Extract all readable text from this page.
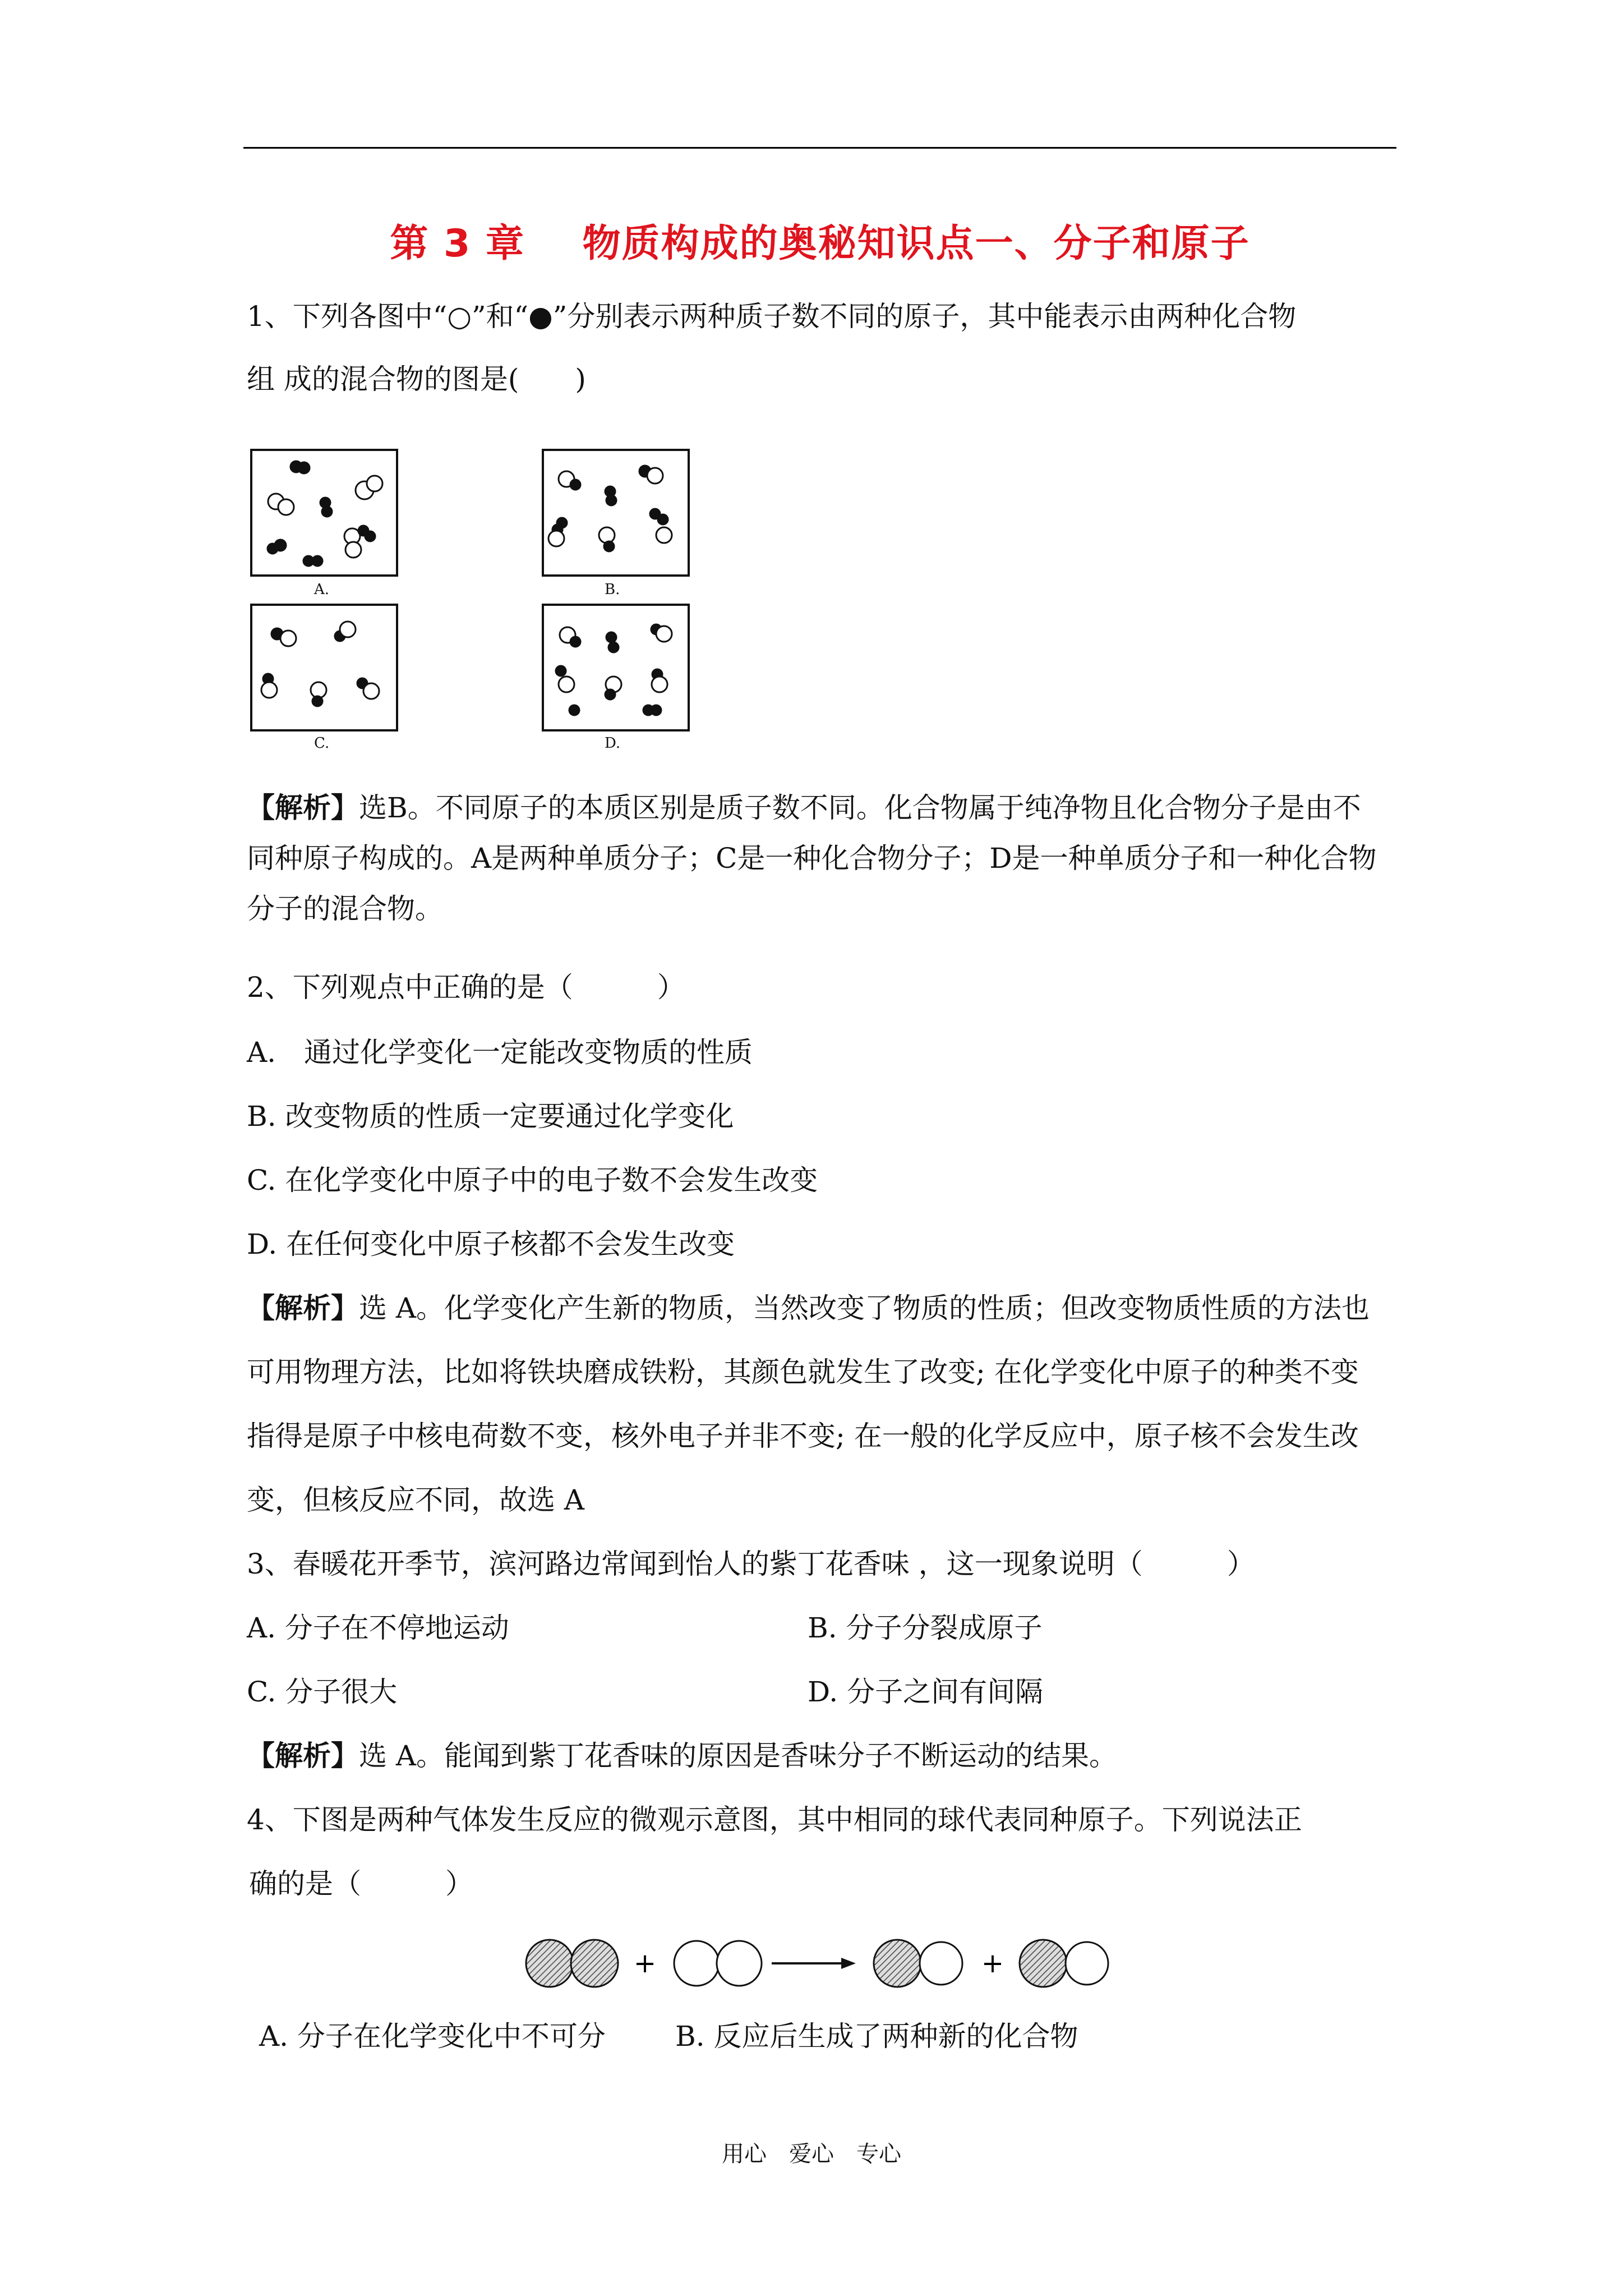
第 3 章    物质构成的奥秘知识点一、分子和原子
1、下列各图中“○”和“●”分别表示两种质子数不同的原子，其中能表示由两种化合物
组 成的混合物的图是(　　)
A.	B.
C.	D.
【解析】选B。不同原子的本质区别是质子数不同。化合物属于纯净物且化合物分子是由不
同种原子构成的。A是两种单质分子；C是一种化合物分子；D是一种单质分子和一种化合物
分子的混合物。
2、下列观点中正确的是（　　　）
A.　通过化学变化一定能改变物质的性质
B. 改变物质的性质一定要通过化学变化
C. 在化学变化中原子中的电子数不会发生改变
D. 在任何变化中原子核都不会发生改变
【解析】选 A。化学变化产生新的物质，当然改变了物质的性质；但改变物质性质的方法也
可用物理方法，比如将铁块磨成铁粉，其颜色就发生了改变; 在化学变化中原子的种类不变
指得是原子中核电荷数不变，核外电子并非不变; 在一般的化学反应中，原子核不会发生改
变，但核反应不同，故选 A
3、春暖花开季节，滨河路边常闻到怡人的紫丁花香味 ，这一现象说明（　　　）
A. 分子在不停地运动	B. 分子分裂成原子
C. 分子很大	D. 分子之间有间隔
【解析】选 A。能闻到紫丁花香味的原因是香味分子不断运动的结果。
4、下图是两种气体发生反应的微观示意图，其中相同的球代表同种原子。下列说法正
确的是（　　　）
+	+
A. 分子在化学变化中不可分 B. 反应后生成了两种新的化合物
用心　爱心　专心
